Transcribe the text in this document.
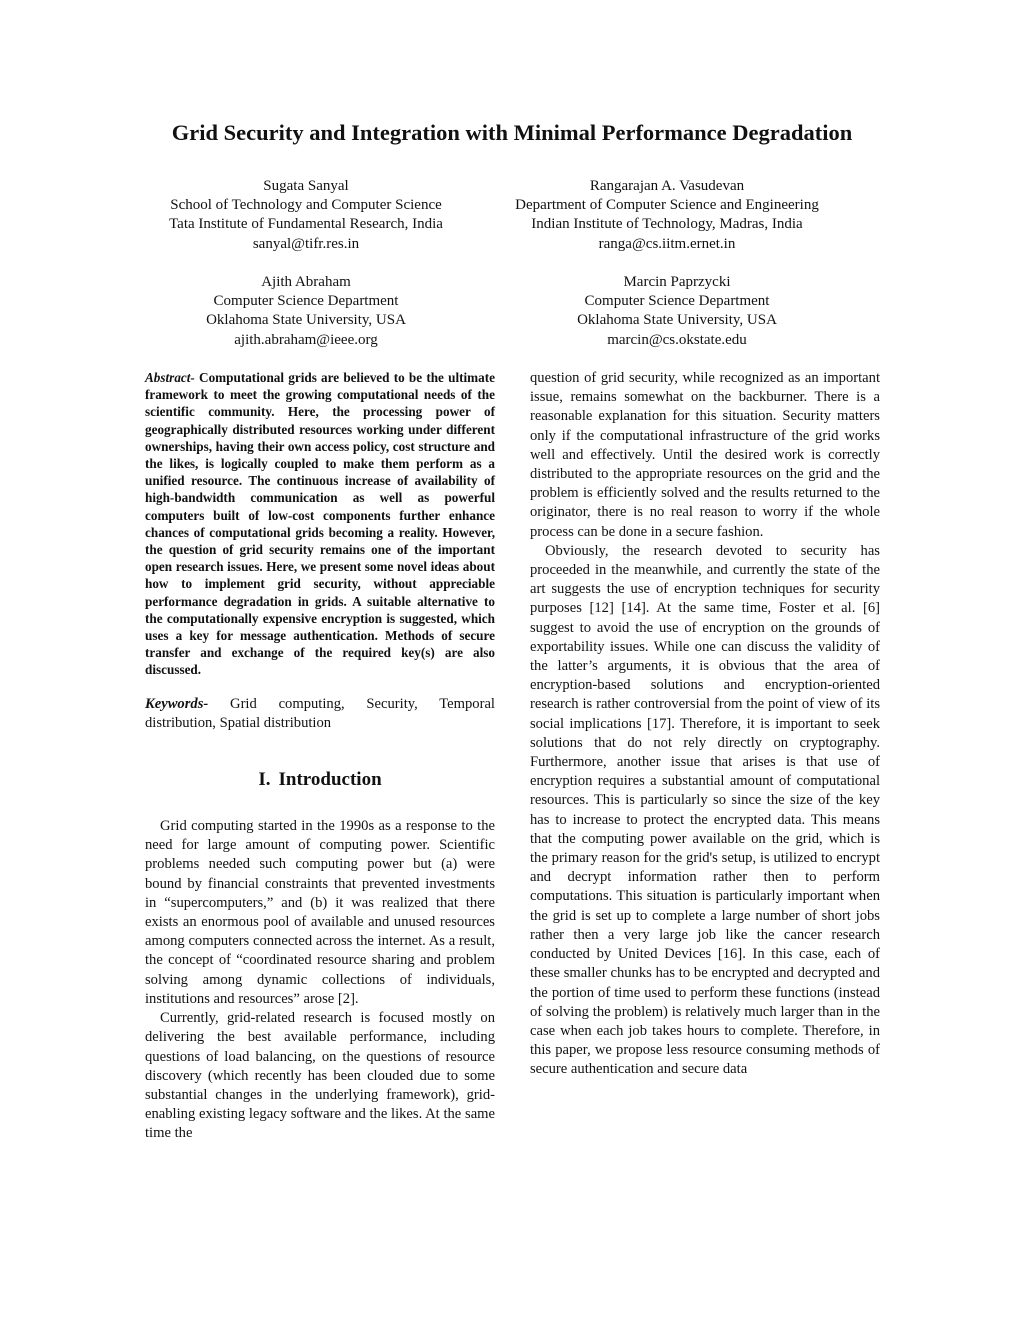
Grid Security and Integration with Minimal Performance Degradation
Sugata Sanyal
School of Technology and Computer Science
Tata Institute of Fundamental Research, India
sanyal@tifr.res.in
Rangarajan A. Vasudevan
Department of Computer Science and Engineering
Indian Institute of Technology, Madras, India
ranga@cs.iitm.ernet.in
Ajith Abraham
Computer Science Department
Oklahoma State University, USA
ajith.abraham@ieee.org
Marcin Paprzycki
Computer Science Department
Oklahoma State University, USA
marcin@cs.okstate.edu

Abstract- Computational grids are believed to be the ultimate framework to meet the growing computational needs of the scientific community. Here, the processing power of geographically distributed resources working under different ownerships, having their own access policy, cost structure and the likes, is logically coupled to make them perform as a unified resource. The continuous increase of availability of high-bandwidth communication as well as powerful computers built of low-cost components further enhance chances of computational grids becoming a reality. However, the question of grid security remains one of the important open research issues. Here, we present some novel ideas about how to implement grid security, without appreciable performance degradation in grids. A suitable alternative to the computationally expensive encryption is suggested, which uses a key for message authentication. Methods of secure transfer and exchange of the required key(s) are also discussed.

Keywords- Grid computing, Security, Temporal distribution, Spatial distribution

I. Introduction

Grid computing started in the 1990s as a response to the need for large amount of computing power. Scientific problems needed such computing power but (a) were bound by financial constraints that prevented investments in “supercomputers,” and (b) it was realized that there exists an enormous pool of available and unused resources among computers connected across the internet. As a result, the concept of “coordinated resource sharing and problem solving among dynamic collections of individuals, institutions and resources” arose [2].

Currently, grid-related research is focused mostly on delivering the best available performance, including questions of load balancing, on the questions of resource discovery (which recently has been clouded due to some substantial changes in the underlying framework), grid-enabling existing legacy software and the likes. At the same time the

question of grid security, while recognized as an important issue, remains somewhat on the backburner. There is a reasonable explanation for this situation. Security matters only if the computational infrastructure of the grid works well and effectively. Until the desired work is correctly distributed to the appropriate resources on the grid and the problem is efficiently solved and the results returned to the originator, there is no real reason to worry if the whole process can be done in a secure fashion.

Obviously, the research devoted to security has proceeded in the meanwhile, and currently the state of the art suggests the use of encryption techniques for security purposes [12] [14]. At the same time, Foster et al. [6] suggest to avoid the use of encryption on the grounds of exportability issues. While one can discuss the validity of the latter’s arguments, it is obvious that the area of encryption-based solutions and encryption-oriented research is rather controversial from the point of view of its social implications [17]. Therefore, it is important to seek solutions that do not rely directly on cryptography. Furthermore, another issue that arises is that use of encryption requires a substantial amount of computational resources. This is particularly so since the size of the key has to increase to protect the encrypted data. This means that the computing power available on the grid, which is the primary reason for the grid's setup, is utilized to encrypt and decrypt information rather then to perform computations. This situation is particularly important when the grid is set up to complete a large number of short jobs rather then a very large job like the cancer research conducted by United Devices [16]. In this case, each of these smaller chunks has to be encrypted and decrypted and the portion of time used to perform these functions (instead of solving the problem) is relatively much larger than in the case when each job takes hours to complete. Therefore, in this paper, we propose less resource consuming methods of secure authentication and secure data
